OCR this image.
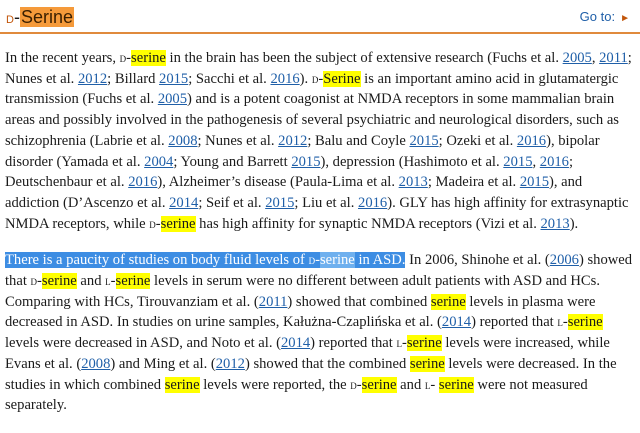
d-Serine	Go to: ►

In the recent years, d-serine in the brain has been the subject of extensive research (Fuchs et al. 2005, 2011; Nunes et al. 2012; Billard 2015; Sacchi et al. 2016). d-Serine is an important amino acid in glutamatergic transmission (Fuchs et al. 2005) and is a potent coagonist at NMDA receptors in some mammalian brain areas and possibly involved in the pathogenesis of several psychiatric and neurological disorders, such as schizophrenia (Labrie et al. 2008; Nunes et al. 2012; Balu and Coyle 2015; Ozeki et al. 2016), bipolar disorder (Yamada et al. 2004; Young and Barrett 2015), depression (Hashimoto et al. 2015, 2016; Deutschenbaur et al. 2016), Alzheimer’s disease (Paula-Lima et al. 2013; Madeira et al. 2015), and addiction (D’Ascenzo et al. 2014; Seif et al. 2015; Liu et al. 2016). GLY has high affinity for extrasynaptic NMDA receptors, while d-serine has high affinity for synaptic NMDA receptors (Vizi et al. 2013).

There is a paucity of studies on body fluid levels of d-serine in ASD. In 2006, Shinohe et al. (2006) showed that d-serine and l-serine levels in serum were no different between adult patients with ASD and HCs. Comparing with HCs, Tirouvanziam et al. (2011) showed that combined serine levels in plasma were decreased in ASD. In studies on urine samples, Kałużna-Czaplińska et al. (2014) reported that l-serine levels were decreased in ASD, and Noto et al. (2014) reported that l-serine levels were increased, while Evans et al. (2008) and Ming et al. (2012) showed that the combined serine levels were decreased. In the studies in which combined serine levels were reported, the d-serine and l- serine were not measured separately.
